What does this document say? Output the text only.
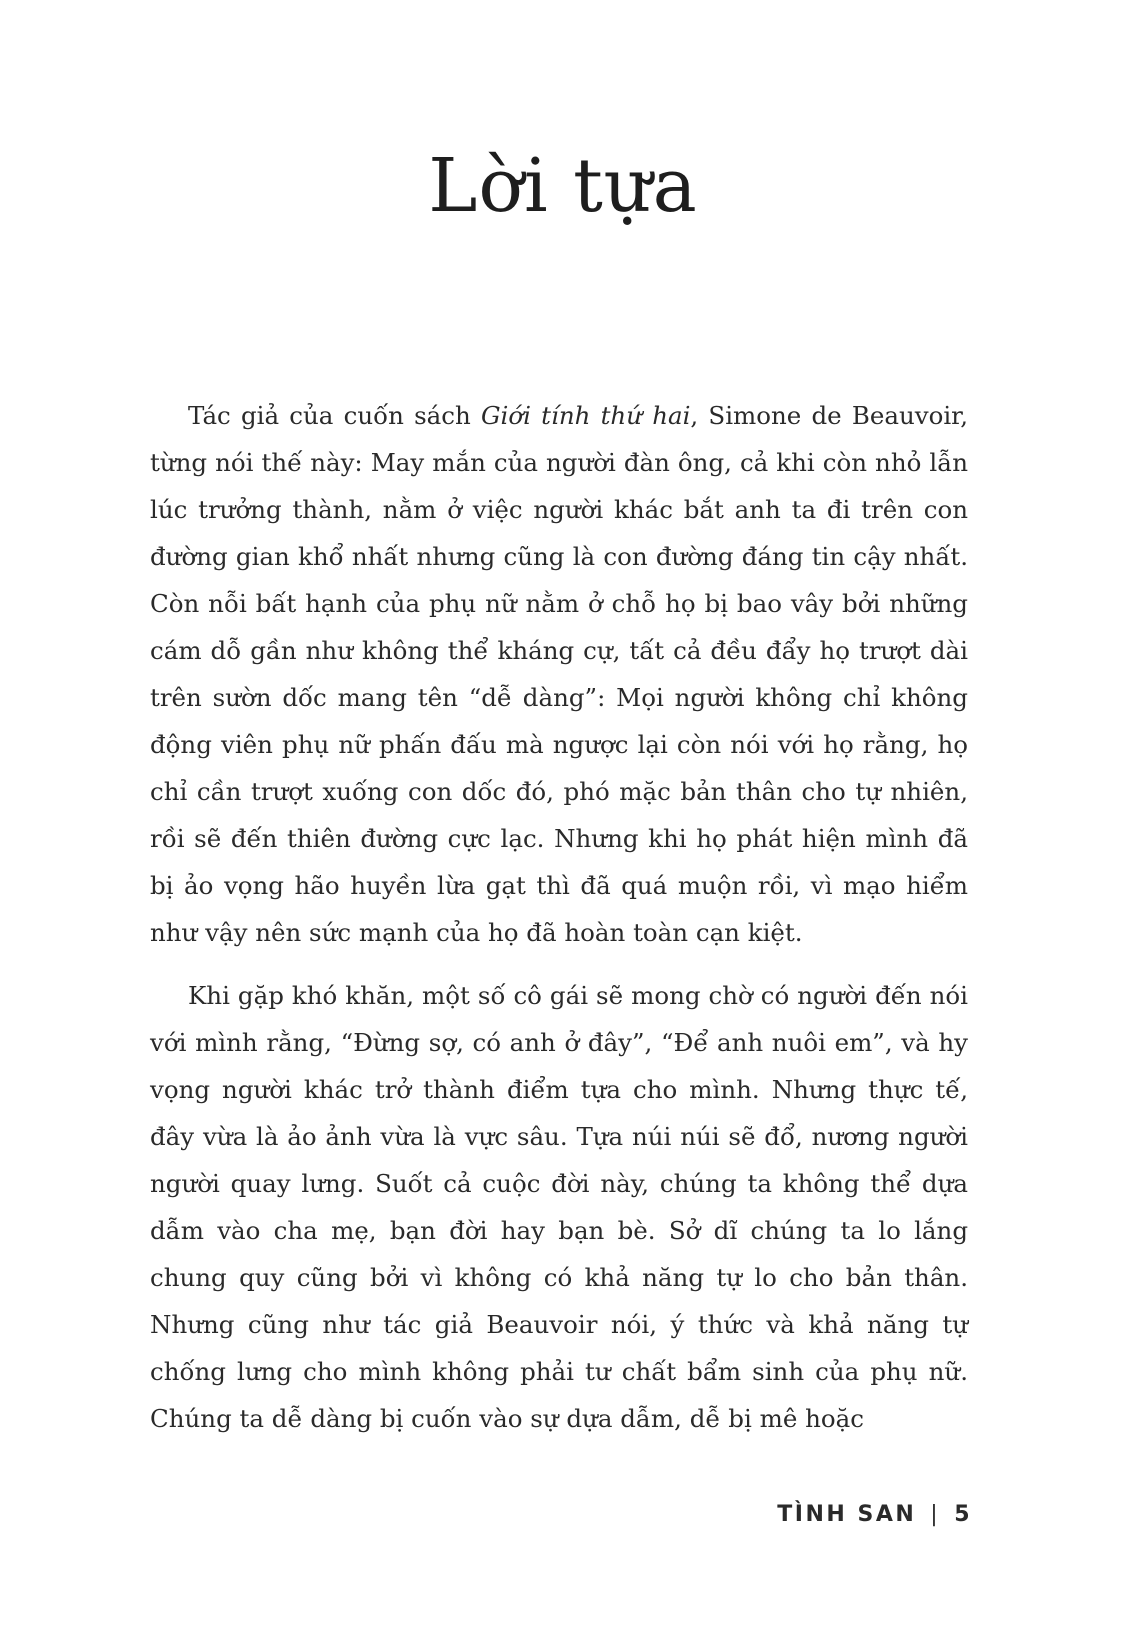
Lời tựa

Tác giả của cuốn sách Giới tính thứ hai, Simone de Beauvoir, từng nói thế này: May mắn của người đàn ông, cả khi còn nhỏ lẫn lúc trưởng thành, nằm ở việc người khác bắt anh ta đi trên con đường gian khổ nhất nhưng cũng là con đường đáng tin cậy nhất. Còn nỗi bất hạnh của phụ nữ nằm ở chỗ họ bị bao vây bởi những cám dỗ gần như không thể kháng cự, tất cả đều đẩy họ trượt dài trên sườn dốc mang tên “dễ dàng”: Mọi người không chỉ không động viên phụ nữ phấn đấu mà ngược lại còn nói với họ rằng, họ chỉ cần trượt xuống con dốc đó, phó mặc bản thân cho tự nhiên, rồi sẽ đến thiên đường cực lạc. Nhưng khi họ phát hiện mình đã bị ảo vọng hão huyền lừa gạt thì đã quá muộn rồi, vì mạo hiểm như vậy nên sức mạnh của họ đã hoàn toàn cạn kiệt.

Khi gặp khó khăn, một số cô gái sẽ mong chờ có người đến nói với mình rằng, “Đừng sợ, có anh ở đây”, “Để anh nuôi em”, và hy vọng người khác trở thành điểm tựa cho mình. Nhưng thực tế, đây vừa là ảo ảnh vừa là vực sâu. Tựa núi núi sẽ đổ, nương người người quay lưng. Suốt cả cuộc đời này, chúng ta không thể dựa dẫm vào cha mẹ, bạn đời hay bạn bè. Sở dĩ chúng ta lo lắng chung quy cũng bởi vì không có khả năng tự lo cho bản thân. Nhưng cũng như tác giả Beauvoir nói, ý thức và khả năng tự chống lưng cho mình không phải tư chất bẩm sinh của phụ nữ. Chúng ta dễ dàng bị cuốn vào sự dựa dẫm, dễ bị mê hoặc

TÌNH SAN | 5
